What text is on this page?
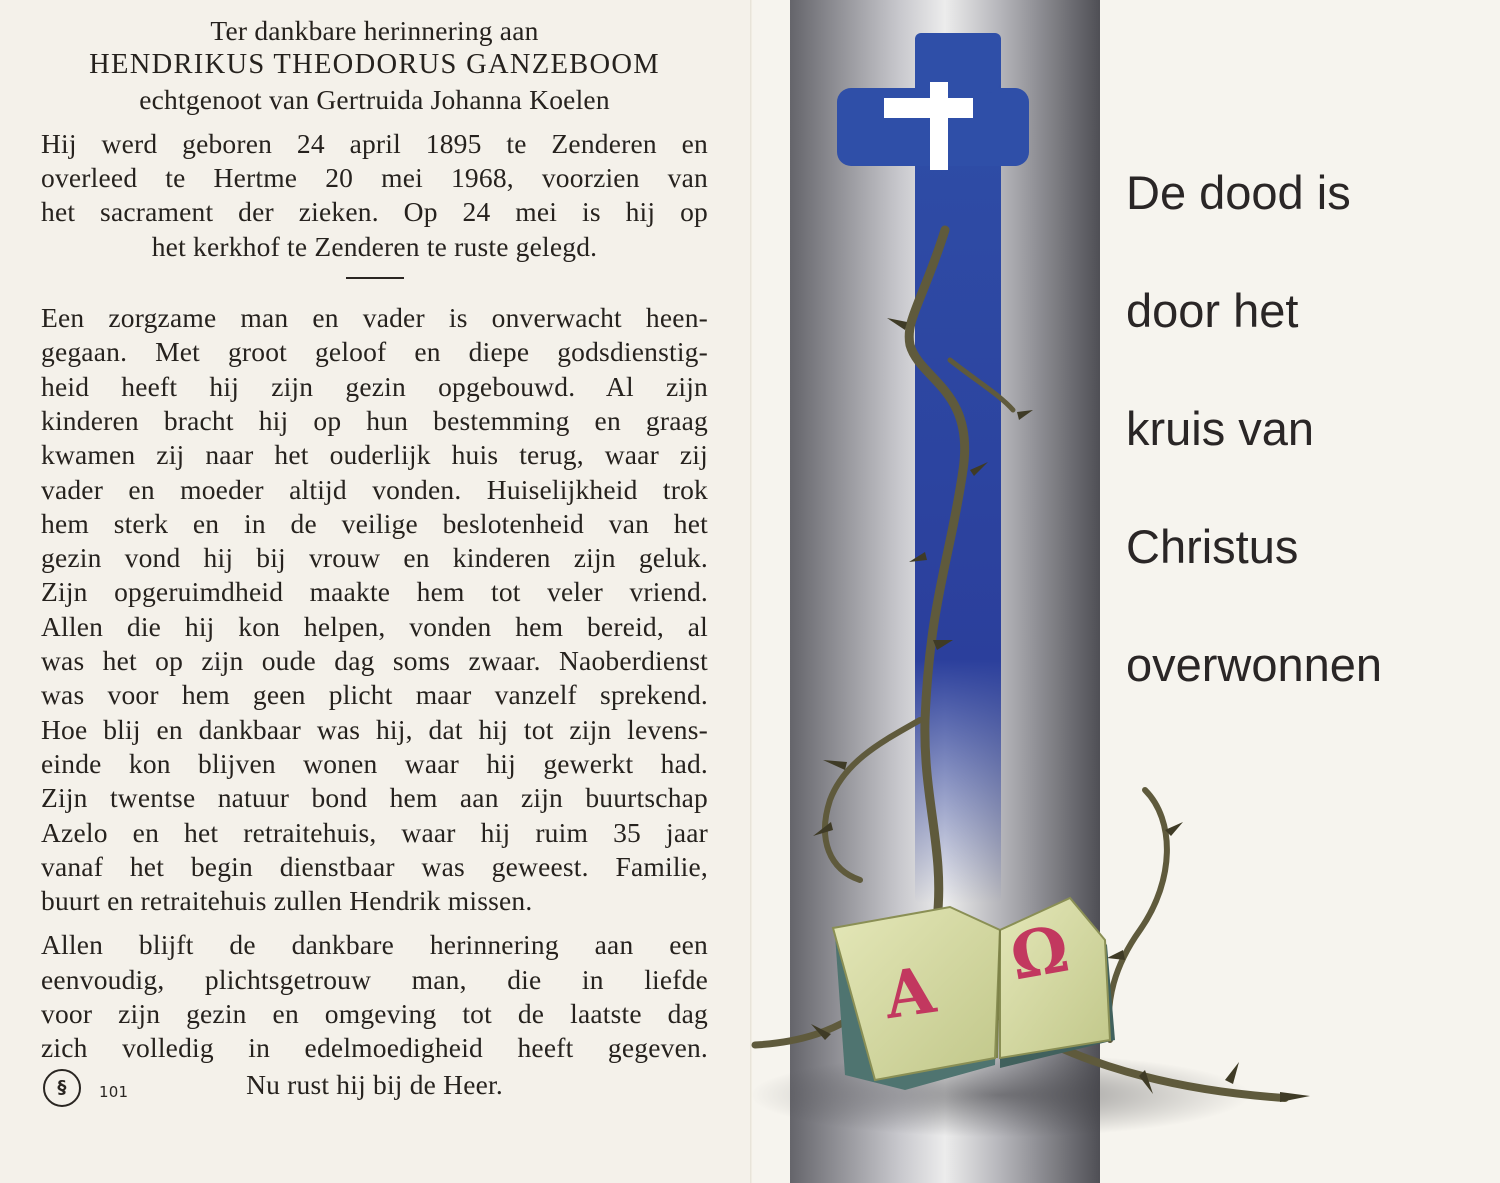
Ter dankbare herinnering aan
HENDRIKUS THEODORUS GANZEBOOM
echtgenoot van Gertruida Johanna Koelen
Hij werd geboren 24 april 1895 te Zenderen en
overleed te Hertme 20 mei 1968, voorzien van
het sacrament der zieken. Op 24 mei is hij op
het kerkhof te Zenderen te ruste gelegd.
Een zorgzame man en vader is onverwacht heen-
gegaan. Met groot geloof en diepe godsdienstig-
heid heeft hij zijn gezin opgebouwd. Al zijn
kinderen bracht hij op hun bestemming en graag
kwamen zij naar het ouderlijk huis terug, waar zij
vader en moeder altijd vonden. Huiselijkheid trok
hem sterk en in de veilige beslotenheid van het
gezin vond hij bij vrouw en kinderen zijn geluk.
Zijn opgeruimdheid maakte hem tot veler vriend.
Allen die hij kon helpen, vonden hem bereid, al
was het op zijn oude dag soms zwaar. Naoberdienst
was voor hem geen plicht maar vanzelf sprekend.
Hoe blij en dankbaar was hij, dat hij tot zijn levens-
einde kon blijven wonen waar hij gewerkt had.
Zijn twentse natuur bond hem aan zijn buurtschap
Azelo en het retraitehuis, waar hij ruim 35 jaar
vanaf het begin dienstbaar was geweest. Familie,
buurt en retraitehuis zullen Hendrik missen.
Allen blijft de dankbare herinnering aan een
eenvoudig, plichtsgetrouw man, die in liefde
voor zijn gezin en omgeving tot de laatste dag
zich volledig in edelmoedigheid heeft gegeven.
§	101	Nu rust hij bij de Heer.
A Ω
De dood is
door het
kruis van
Christus
overwonnen
